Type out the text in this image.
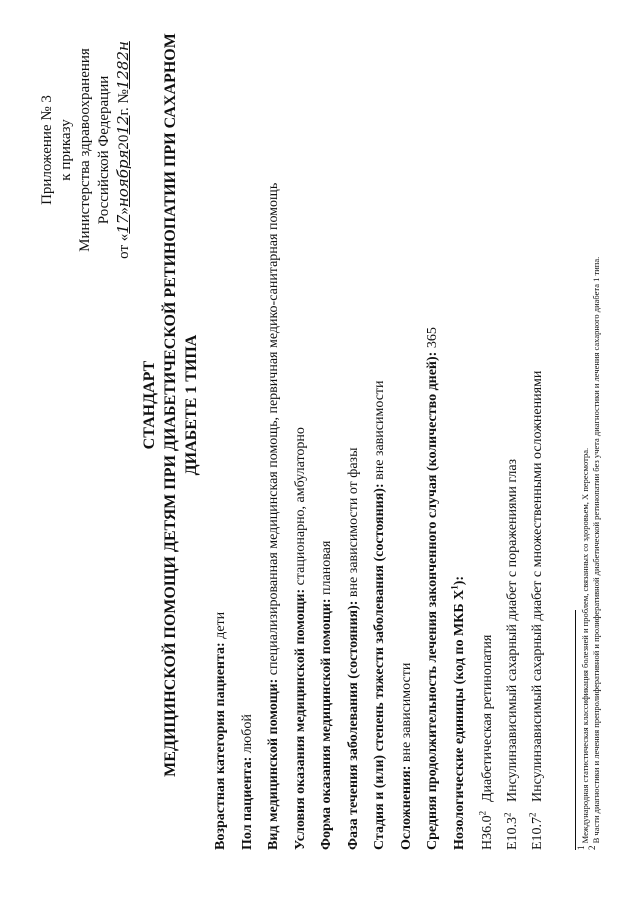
Приложение № 3 к приказу Министерства здравоохранения Российской Федерации
от «17»ноября2012г. №1282н
СТАНДАРТ МЕДИЦИНСКОЙ ПОМОЩИ ДЕТЯМ ПРИ ДИАБЕТИЧЕСКОЙ РЕТИНОПАТИИ ПРИ САХАРНОМ ДИАБЕТЕ 1 ТИПА
Возрастная категория пациента: дети
Пол пациента: любой Вид медицинской помощи: специализированная медицинская помощь, первичная медико-санитарная помощь
Условия оказания медицинской помощи: стационарно, амбулаторно
Форма оказания медицинской помощи: плановая
Фаза течения заболевания (состояния): вне зависимости от фазы Стадия и (или) степень тяжести заболевания (состояния): вне зависимости
Осложнения: вне зависимости Средняя продолжительность лечения законченного случая (количество дней): 365
Нозологические единицы (код по МКБ $X^1$):
H36.0$^2$Диабетическая ретинопатия
E10.3$^2$Инсулинзависимый сахарный диабет с поражениями глаз
E10.7$^2$Инсулинзависимый сахарный диабет с множественными осложнениями
$^1$ Международная статистическая классификация болезней и проблем, связанных со здоровьем, X пересмотра.
$^2$ В части диагностики и лечения препролиферативной и пролиферативной диабетической ретинопатии без учета диагностики и лечения сахарного диабета 1 типа.
